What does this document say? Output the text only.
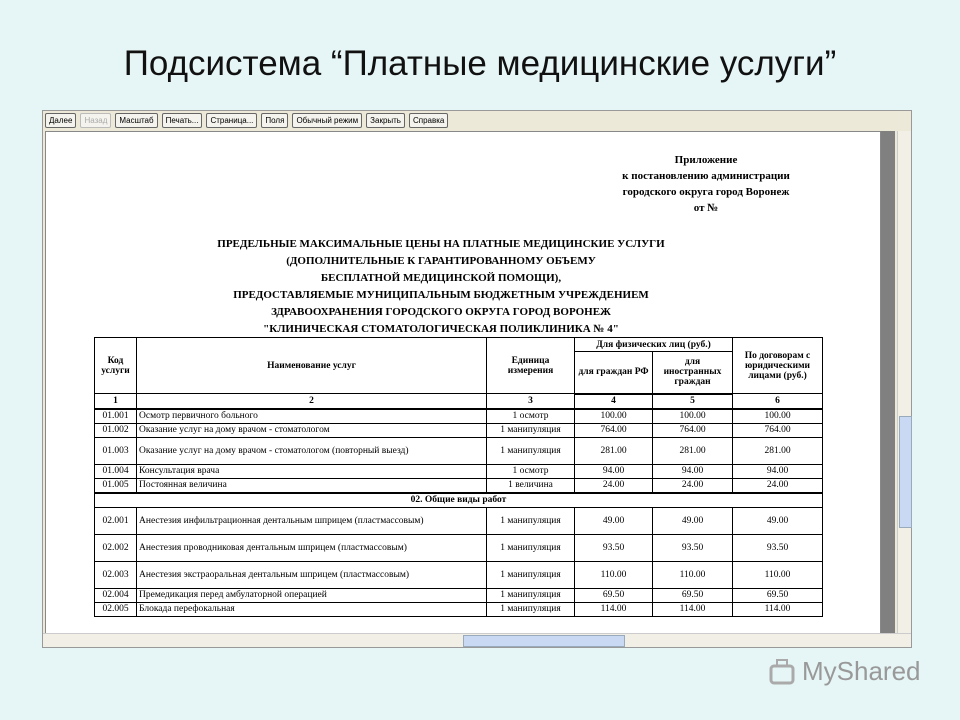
Подсистема “Платные медицинские услуги”
Далее	Назад	Масштаб	Печать...	Страница...	Поля	Обычный режим	Закрыть	Справка
Приложение
к постановлению администрации
городского округа город Воронеж
от №
ПРЕДЕЛЬНЫЕ МАКСИМАЛЬНЫЕ ЦЕНЫ НА ПЛАТНЫЕ МЕДИЦИНСКИЕ УСЛУГИ
(ДОПОЛНИТЕЛЬНЫЕ К ГАРАНТИРОВАННОМУ ОБЪЕМУ
БЕСПЛАТНОЙ МЕДИЦИНСКОЙ ПОМОЩИ),
ПРЕДОСТАВЛЯЕМЫЕ МУНИЦИПАЛЬНЫМ БЮДЖЕТНЫМ УЧРЕЖДЕНИЕМ
ЗДРАВООХРАНЕНИЯ ГОРОДСКОГО ОКРУГА ГОРОД ВОРОНЕЖ
"КЛИНИЧЕСКАЯ СТОМАТОЛОГИЧЕСКАЯ ПОЛИКЛИНИКА № 4"
Код услуги	Наименование услуг	Единица измерения	Для физических лиц (руб.)		По договорам с юридическими лицами (руб.)
			для граждан РФ	для иностранных граждан	
1	2	3	4	5	6
01.001	Осмотр первичного больного	1 осмотр	100.00	100.00	100.00
01.002	Оказание услуг на дому врачом - стоматологом	1 манипуляция	764.00	764.00	764.00
01.003	Оказание услуг на дому врачом - стоматологом (повторный выезд)	1 манипуляция	281.00	281.00	281.00
01.004	Консультация врача	1 осмотр	94.00	94.00	94.00
01.005	Постоянная величина	1 величина	24.00	24.00	24.00
02. Общие виды работ					
02.001	Анестезия инфильтрационная дентальным шприцем (пластмассовым)	1 манипуляция	49.00	49.00	49.00
02.002	Анестезия проводниковая дентальным шприцем (пластмассовым)	1 манипуляция	93.50	93.50	93.50
02.003	Анестезия экстраоральная дентальным шприцем (пластмассовым)	1 манипуляция	110.00	110.00	110.00
02.004	Премедикация перед амбулаторной операцией	1 манипуляция	69.50	69.50	69.50
02.005	Блокада перефокальная	1 манипуляция	114.00	114.00	114.00
MyShared
